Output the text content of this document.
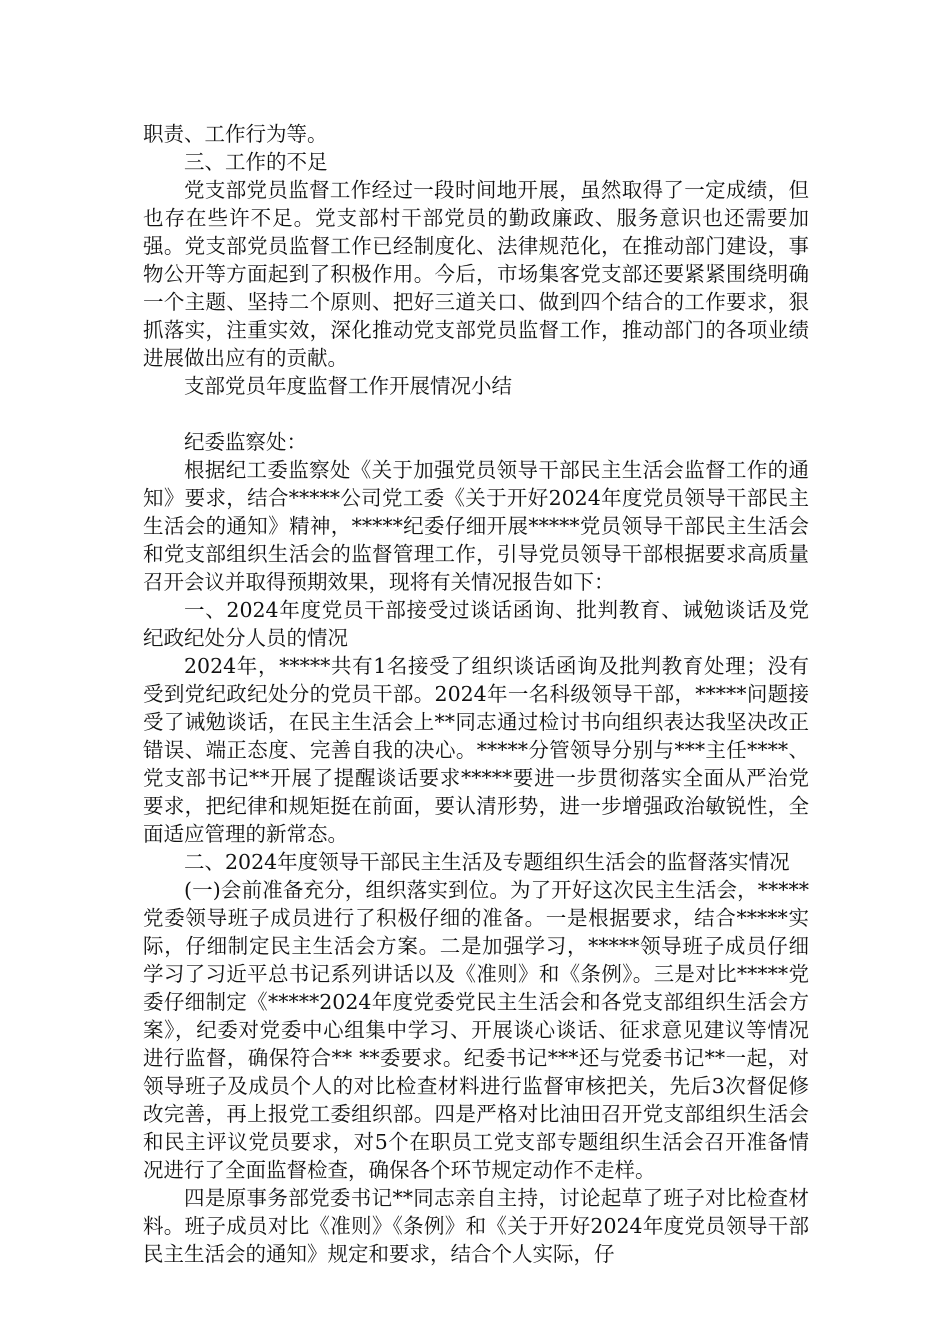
职责、工作行为等。

三、工作的不足

党支部党员监督工作经过一段时间地开展，虽然取得了一定成绩，但也存在些许不足。党支部村干部党员的勤政廉政、服务意识也还需要加强。党支部党员监督工作已经制度化、法律规范化，在推动部门建设，事物公开等方面起到了积极作用。今后，市场集客党支部还要紧紧围绕明确一个主题、坚持二个原则、把好三道关口、做到四个结合的工作要求，狠抓落实，注重实效，深化推动党支部党员监督工作，推动部门的各项业绩进展做出应有的贡献。

支部党员年度监督工作开展情况小结

纪委监察处：

根据纪工委监察处《关于加强党员领导干部民主生活会监督工作的通知》要求，结合*****公司党工委《关于开好2024年度党员领导干部民主生活会的通知》精神，*****纪委仔细开展*****党员领导干部民主生活会和党支部组织生活会的监督管理工作，引导党员领导干部根据要求高质量召开会议并取得预期效果，现将有关情况报告如下：

一、2024年度党员干部接受过谈话函询、批判教育、诫勉谈话及党纪政纪处分人员的情况

2024年，*****共有1名接受了组织谈话函询及批判教育处理；没有受到党纪政纪处分的党员干部。2024年一名科级领导干部，*****问题接受了诫勉谈话，在民主生活会上**同志通过检讨书向组织表达我坚决改正错误、端正态度、完善自我的决心。*****分管领导分别与***主任****、党支部书记**开展了提醒谈话要求*****要进一步贯彻落实全面从严治党要求，把纪律和规矩挺在前面，要认清形势，进一步增强政治敏锐性，全面适应管理的新常态。

二、2024年度领导干部民主生活及专题组织生活会的监督落实情况

(一)会前准备充分，组织落实到位。为了开好这次民主生活会，*****党委领导班子成员进行了积极仔细的准备。一是根据要求，结合*****实际，仔细制定民主生活会方案。二是加强学习，*****领导班子成员仔细学习了习近平总书记系列讲话以及《准则》和《条例》。三是对比*****党委仔细制定《*****2024年度党委党民主生活会和各党支部组织生活会方案》，纪委对党委中心组集中学习、开展谈心谈话、征求意见建议等情况进行监督，确保符合** **委要求。纪委书记***还与党委书记**一起，对领导班子及成员个人的对比检查材料进行监督审核把关，先后3次督促修改完善，再上报党工委组织部。四是严格对比油田召开党支部组织生活会和民主评议党员要求，对5个在职员工党支部专题组织生活会召开准备情况进行了全面监督检查，确保各个环节规定动作不走样。

四是原事务部党委书记**同志亲自主持，讨论起草了班子对比检查材料。班子成员对比《准则》《条例》和《关于开好2024年度党员领导干部民主生活会的通知》规定和要求，结合个人实际，仔
